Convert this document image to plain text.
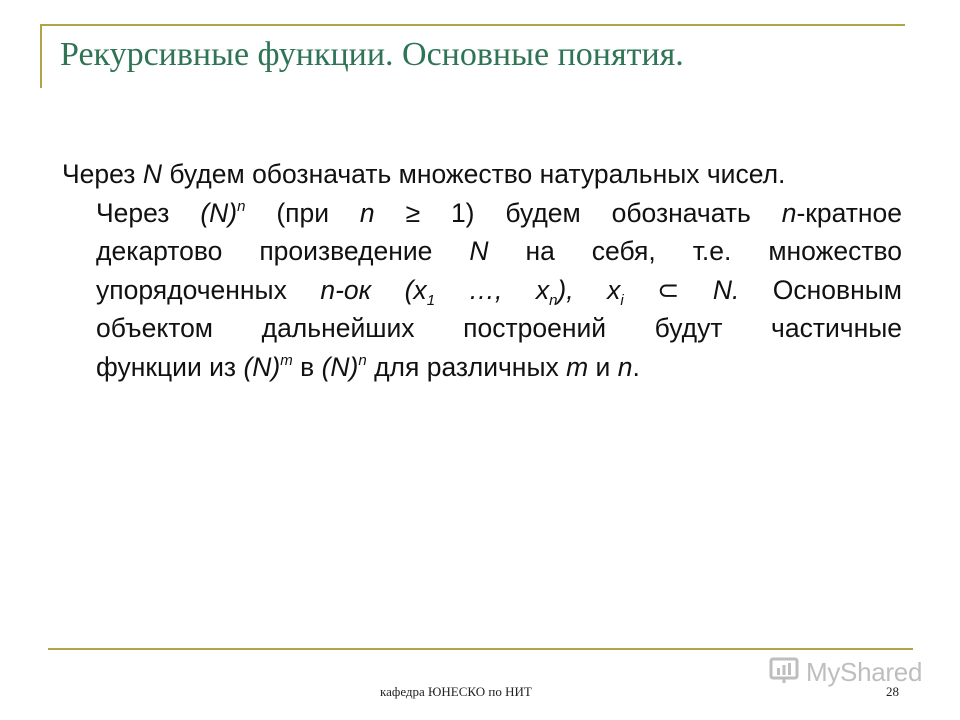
Рекурсивные функции. Основные понятия.
Через N будем обозначать множество натуральных чисел.
Через $(N)^n$ (при n ≥ 1) будем обозначать n-кратное
декартово произведение N на себя, т.е. множество
упорядоченных n-ок ($x_1$ …, $x_n$), $x_i$ ⊂ N. Основным
объектом дальнейших построений будут частичные
функции из $(N)^m$ в $(N)^n$ для различных m и n.
кафедра ЮНЕСКО по НИТ	28
MyShared
